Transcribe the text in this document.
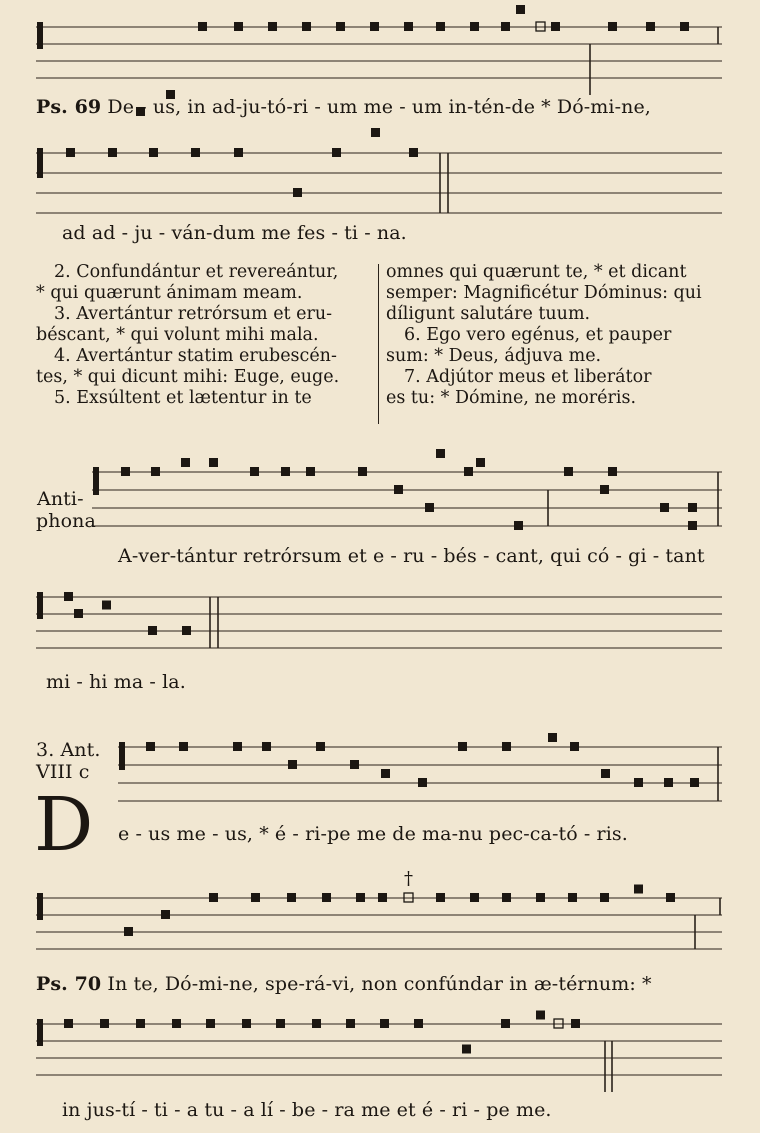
Ps. 69 De - us, in ad-ju-tó-ri - um me - um in-tén-de * Dó-mi-ne,
ad ad - ju - ván-dum me fes - ti - na.
2. Confundántur et revereántur,
* qui quærunt ánimam meam.
3. Avertántur retrórsum et eru-
béscant, * qui volunt mihi mala.
4. Avertántur statim erubescén-
tes, * qui dicunt mihi: Euge, euge.
5. Exsúltent et lætentur in te
omnes qui quærunt te, * et dicant
semper: Magnificétur Dóminus: qui
díligunt salutáre tuum.
6. Ego vero egénus, et pauper
sum: * Deus, ádjuva me.
7. Adjútor meus et liberátor
es tu: * Dómine, ne moréris.
Anti-
phona
A-ver-tántur retrórsum et e - ru - bés - cant, qui có - gi - tant
mi - hi ma - la.
3. Ant.
VIII c
D e - us me - us, * é - ri-pe me de ma-nu pec-ca-tó - ris.
†
Ps. 70 In te, Dó-mi-ne, spe-rá-vi, non confúndar in æ-térnum: *
in jus-tí - ti - a tu - a lí - be - ra me et é - ri - pe me.
